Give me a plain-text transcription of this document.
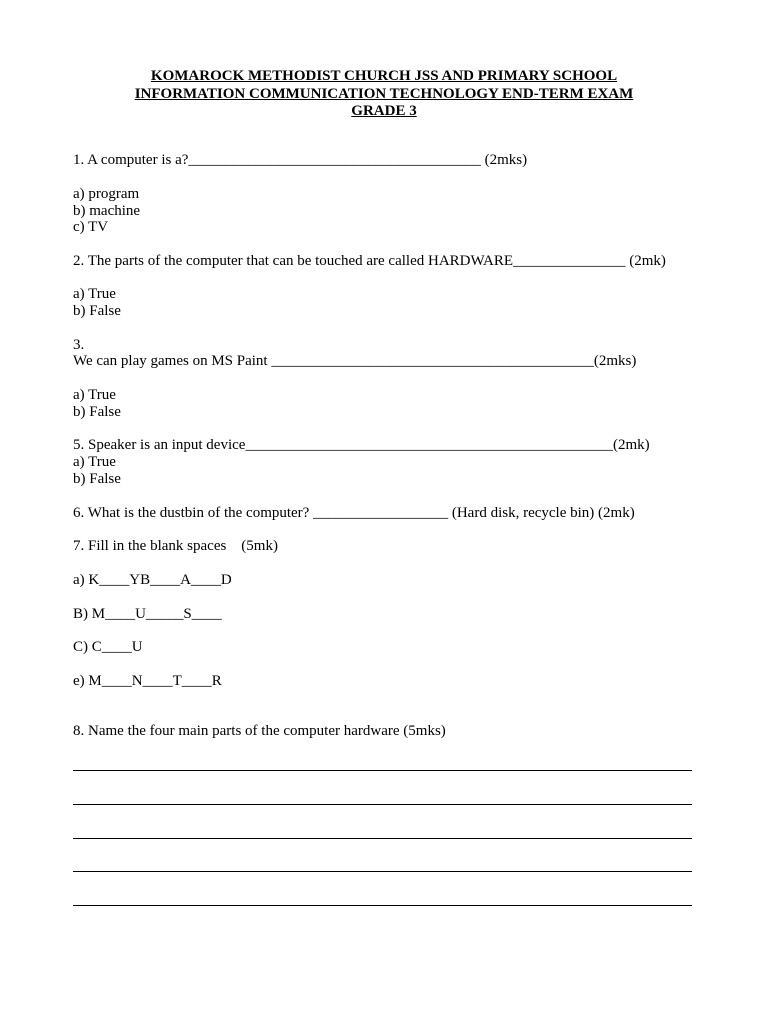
KOMAROCK METHODIST CHURCH JSS AND PRIMARY SCHOOL
INFORMATION COMMUNICATION TECHNOLOGY END-TERM EXAM
GRADE 3
1. A computer is a?_______________________________________ (2mks)
a) program
b) machine
c) TV
2. The parts of the computer that can be touched are called HARDWARE_______________ (2mk)
a) True
b) False
3.
We can play games on MS Paint ___________________________________________(2mks)
a) True
b) False
5. Speaker is an input device_________________________________________________(2mk)
a) True
b) False
6. What is the dustbin of the computer? __________________ (Hard disk, recycle bin) (2mk)
7. Fill in the blank spaces    (5mk)
a) K____YB____A____D
B) M____U_____S____
C) C____U
e) M____N____T____R
8. Name the four main parts of the computer hardware (5mks)
